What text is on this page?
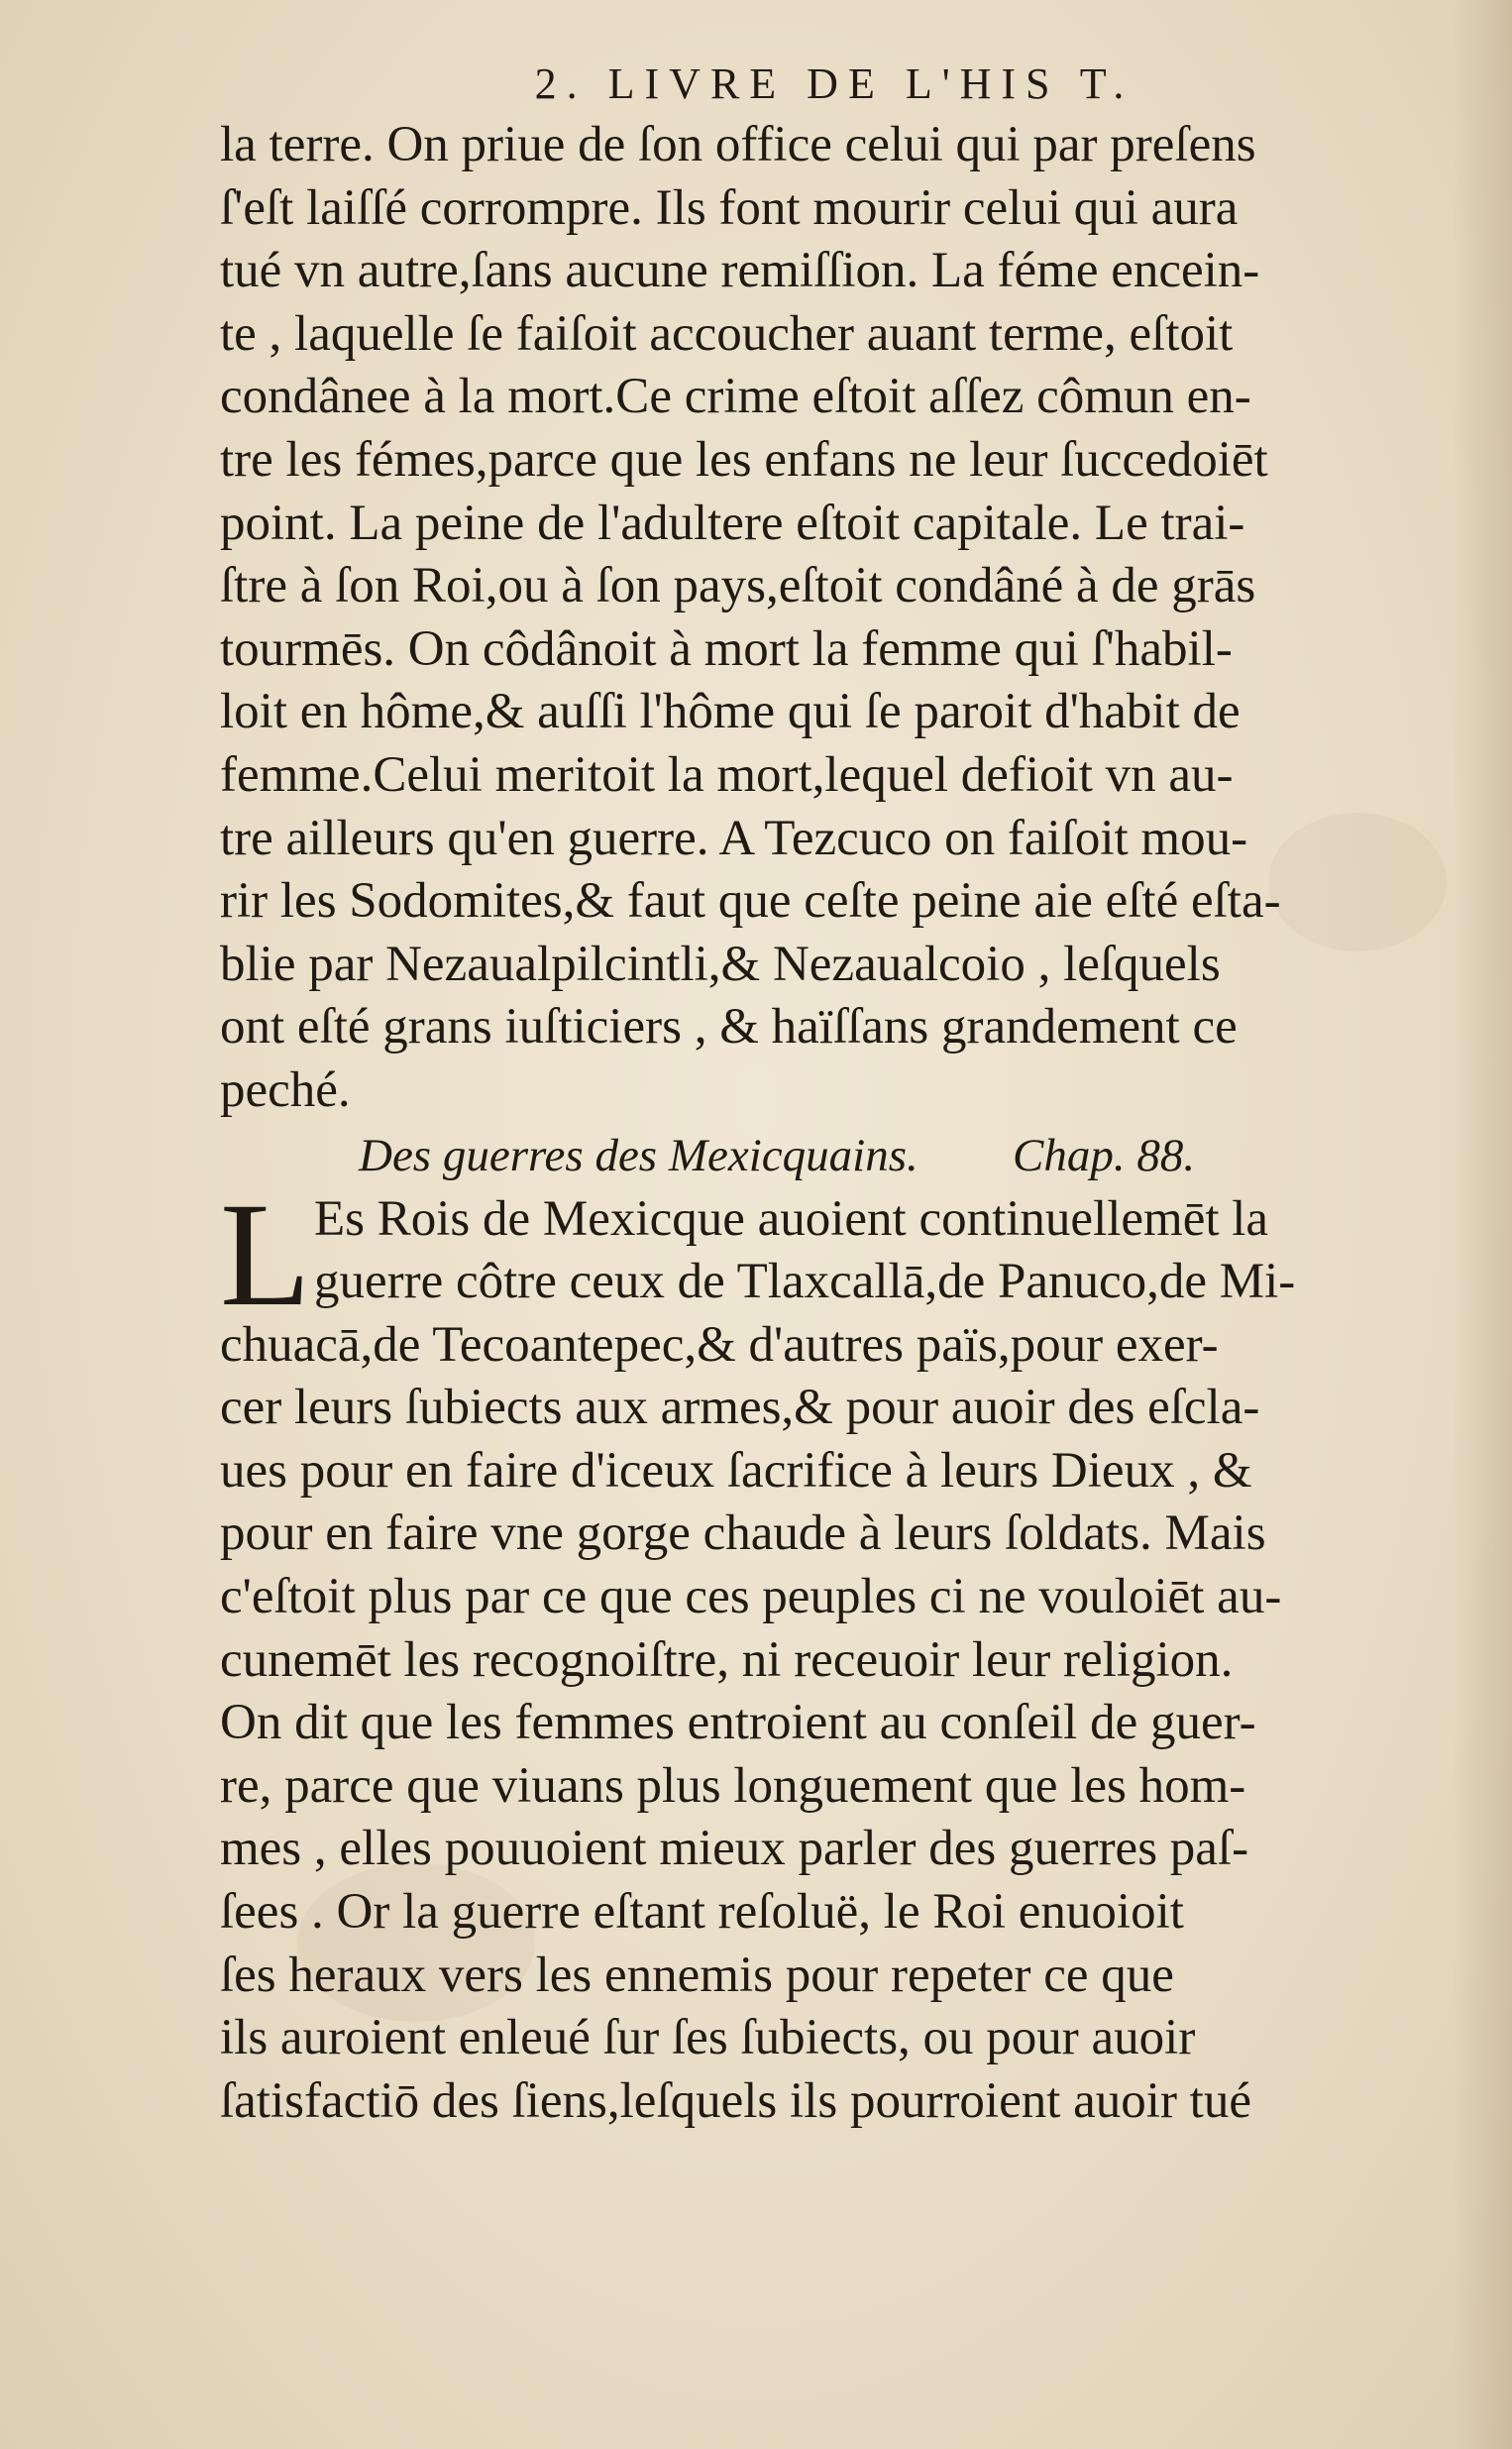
2. LIVRE DE L'HIS T.
la terre. On priue de ſon office celui qui par preſens
ſ'eſt laiſſé corrompre. Ils font mourir celui qui aura
tué vn autre,ſans aucune remiſſion. La féme encein-
te , laquelle ſe faiſoit accoucher auant terme, eſtoit
condânee à la mort.Ce crime eſtoit aſſez cômun en-
tre les fémes,parce que les enfans ne leur ſuccedoiēt
point. La peine de l'adultere eſtoit capitale. Le trai-
ſtre à ſon Roi,ou à ſon pays,eſtoit condâné à de grās
tourmēs. On côdânoit à mort la femme qui ſ'habil-
loit en hôme,& auſſi l'hôme qui ſe paroit d'habit de
femme.Celui meritoit la mort,lequel defioit vn au-
tre ailleurs qu'en guerre. A Tezcuco on faiſoit mou-
rir les Sodomites,& faut que ceſte peine aie eſté eſta-
blie par Nezaualpilcintli,& Nezaualcoio , leſquels
ont eſté grans iuſticiers , & haïſſans grandement ce
peché.
Des guerres des Mexicquains. Chap. 88.
L Es Rois de Mexicque auoient continuellemēt la
guerre côtre ceux de Tlaxcallā,de Panuco,de Mi-
chuacā,de Tecoantepec,& d'autres païs,pour exer-
cer leurs ſubiects aux armes,& pour auoir des eſcla-
ues pour en faire d'iceux ſacrifice à leurs Dieux , &
pour en faire vne gorge chaude à leurs ſoldats. Mais
c'eſtoit plus par ce que ces peuples ci ne vouloiēt au-
cunemēt les recognoiſtre, ni receuoir leur religion.
On dit que les femmes entroient au conſeil de guer-
re, parce que viuans plus longuement que les hom-
mes , elles pouuoient mieux parler des guerres paſ-
ſees . Or la guerre eſtant reſoluë, le Roi enuoioit
ſes heraux vers les ennemis pour repeter ce que
ils auroient enleué ſur ſes ſubiects, ou pour auoir
ſatisfactiō des ſiens,leſquels ils pourroient auoir tué
